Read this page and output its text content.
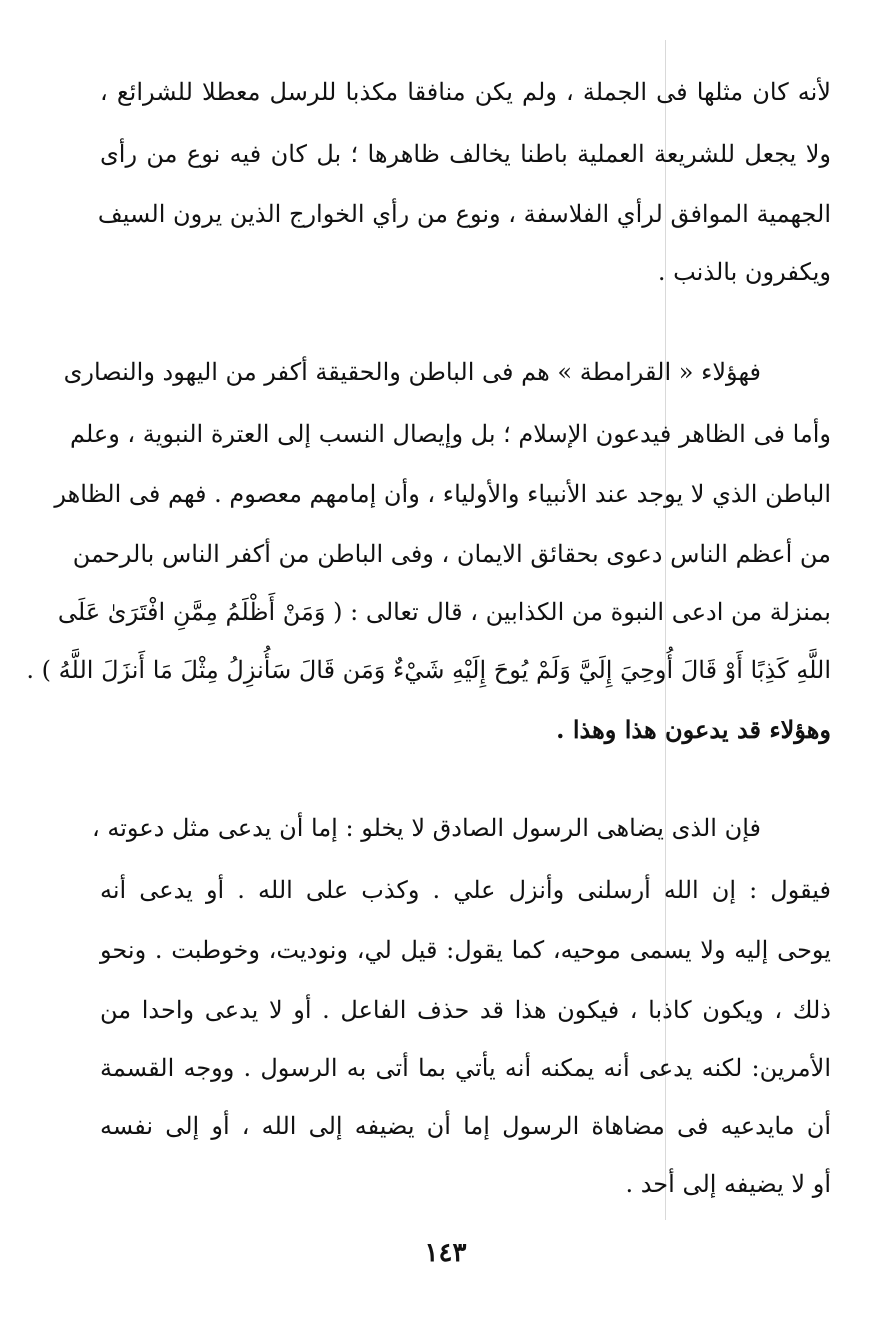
لأنه كان مثلها فى الجملة ، ولم يكن منافقا مكذبا للرسل معطلا للشرائع ،
ولا يجعل للشريعة العملية باطنا يخالف ظاهرها ؛ بل كان فيه نوع من رأى
الجهمية الموافق لرأي الفلاسفة ، ونوع من رأي الخوارج الذين يرون السيف
ويكفرون بالذنب .
فهؤلاء « القرامطة » هم فى الباطن والحقيقة أكفر من اليهود والنصارى
وأما فى الظاهر فيدعون الإسلام ؛ بل وإيصال النسب إلى العترة النبوية ، وعلم
الباطن الذي لا يوجد عند الأنبياء والأولياء ، وأن إمامهم معصوم . فهم فى الظاهر
من أعظم الناس دعوى بحقائق الايمان ، وفى الباطن من أكفر الناس بالرحمن
بمنزلة من ادعى النبوة من الكذابين ، قال تعالى : ( وَمَنْ أَظْلَمُ مِمَّنِ افْتَرَىٰ عَلَى
اللَّهِ كَذِبًا أَوْ قَالَ أُوحِيَ إِلَيَّ وَلَمْ يُوحَ إِلَيْهِ شَيْءٌ وَمَن قَالَ سَأُنزِلُ مِثْلَ مَا أَنزَلَ اللَّهُ ) .
وهؤلاء قد يدعون هذا وهذا .
فإن الذى يضاهى الرسول الصادق لا يخلو : إما أن يدعى مثل دعوته ،
فيقول : إن الله أرسلنى وأنزل علي . وكذب على الله . أو يدعى أنه
يوحى إليه ولا يسمى موحيه، كما يقول: قيل لي، ونوديت، وخوطبت . ونحو
ذلك ، ويكون كاذبا ، فيكون هذا قد حذف الفاعل . أو لا يدعى واحدا من
الأمرين: لكنه يدعى أنه يمكنه أنه يأتي بما أتى به الرسول . ووجه القسمة
أن مايدعيه فى مضاهاة الرسول إما أن يضيفه إلى الله ، أو إلى نفسه
أو لا يضيفه إلى أحد .
١٤٣
